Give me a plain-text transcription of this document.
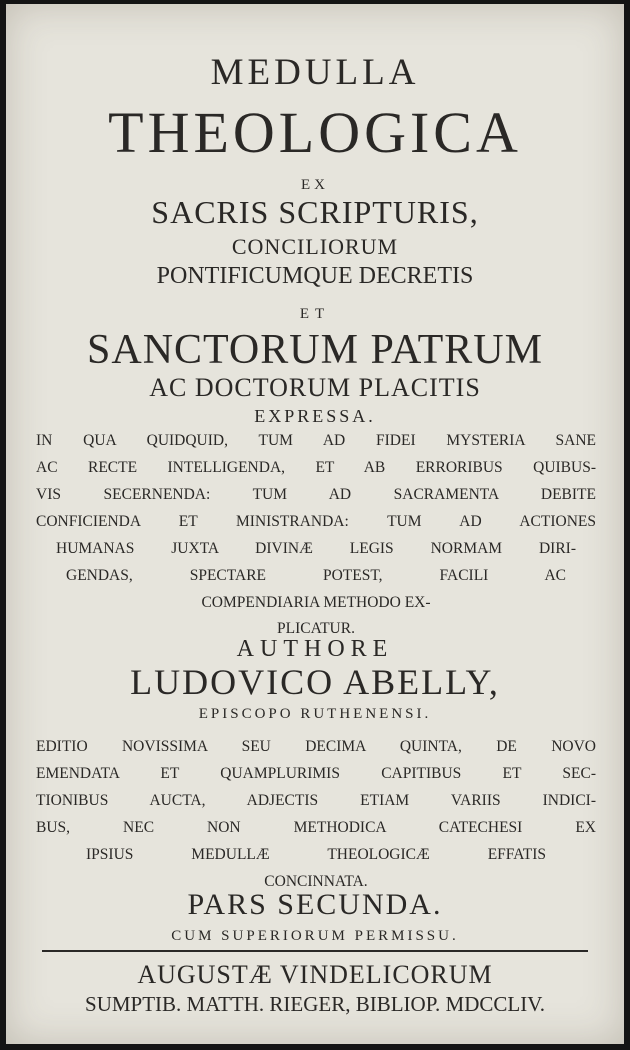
MEDULLA

THEOLOGICA

EX

SACRIS SCRIPTURIS,

CONCILIORUM

PONTIFICUMQUE DECRETIS

ET

SANCTORUM PATRUM

AC DOCTORUM PLACITIS

EXPRESSA.

IN QUA QUIDQUID, TUM AD FIDEI MYSTERIA SANE

AC RECTE INTELLIGENDA, ET AB ERRORIBUS QUIBUS-

VIS SECERNENDA: TUM AD SACRAMENTA DEBITE

CONFICIENDA ET MINISTRANDA: TUM AD ACTIONES

HUMANAS JUXTA DIVINÆ LEGIS NORMAM DIRI-

GENDAS, SPECTARE POTEST, FACILI AC

COMPENDIARIA METHODO EX-

PLICATUR.

AUTHORE

LUDOVICO ABELLY,

EPISCOPO RUTHENENSI.

EDITIO NOVISSIMA SEU DECIMA QUINTA, DE NOVO

EMENDATA ET QUAMPLURIMIS CAPITIBUS ET SEC-

TIONIBUS AUCTA, ADJECTIS ETIAM VARIIS INDICI-

BUS, NEC NON METHODICA CATECHESI EX

IPSIUS MEDULLÆ THEOLOGICÆ EFFATIS

CONCINNATA.

PARS SECUNDA.

CUM SUPERIORUM PERMISSU.

AUGUSTÆ VINDELICORUM

SUMPTIB. MATTH. RIEGER, BIBLIOP. MDCCLIV.
